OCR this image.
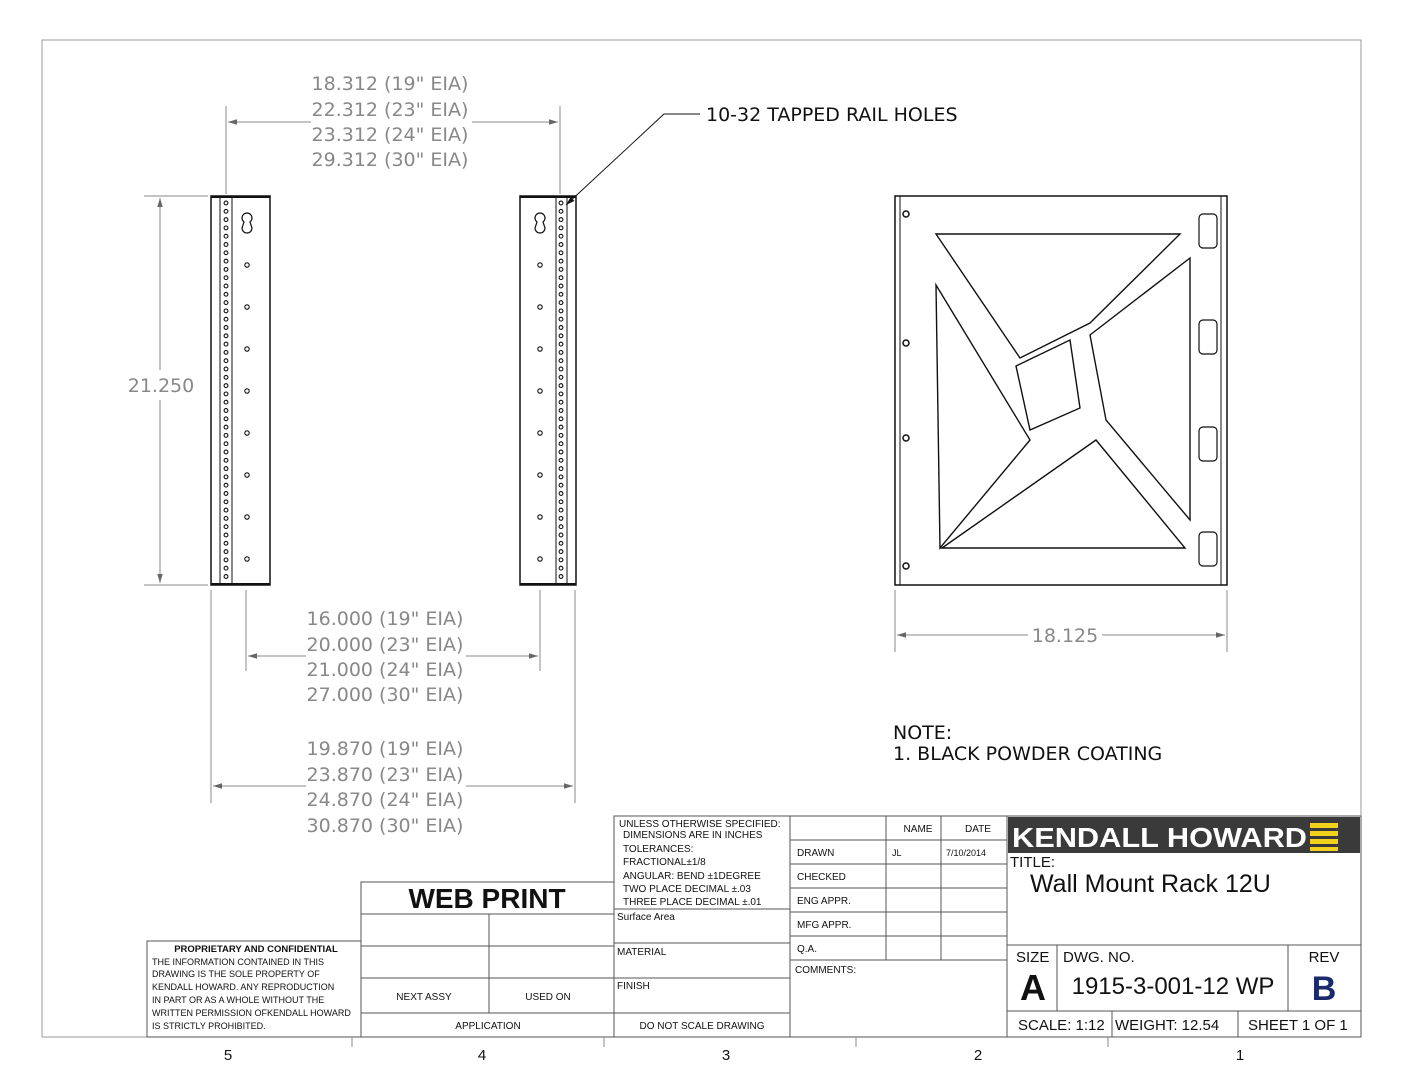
18.312 (19" EIA)
22.312 (23" EIA)
23.312 (24" EIA)
29.312 (30" EIA)
16.000 (19" EIA)
20.000 (23" EIA)
21.000 (24" EIA)
27.000 (30" EIA)
19.870 (19" EIA)
23.870 (23" EIA)
24.870 (24" EIA)
30.870 (30" EIA)
21.250
18.125
10-32 TAPPED RAIL HOLES
NOTE:
1. BLACK POWDER COATING
PROPRIETARY AND CONFIDENTIAL
THE INFORMATION CONTAINED IN THIS
DRAWING IS THE SOLE PROPERTY OF
KENDALL HOWARD. ANY REPRODUCTION
IN PART OR AS A WHOLE WITHOUT THE
WRITTEN PERMISSION OFKENDALL HOWARD
IS STRICTLY PROHIBITED.
WEB PRINT
NEXT ASSY	USED ON
APPLICATION
UNLESS OTHERWISE SPECIFIED:
DIMENSIONS ARE IN INCHES
TOLERANCES:
FRACTIONAL±1/8
ANGULAR: BEND ±1DEGREE
TWO PLACE DECIMAL ±.03
THREE PLACE DECIMAL ±.01
Surface Area
MATERIAL
FINISH
DO NOT SCALE DRAWING
NAME	DATE
DRAWN	JL	7/10/2014
CHECKED
ENG APPR.
MFG APPR.
Q.A.
COMMENTS:
KENDALL HOWARD
TITLE:
Wall Mount Rack 12U
SIZE
A
DWG. NO.
1915-3-001-12 WP
REV
B
SCALE: 1:12 WEIGHT: 12.54 SHEET 1 OF 1
5	4	3	2	1
